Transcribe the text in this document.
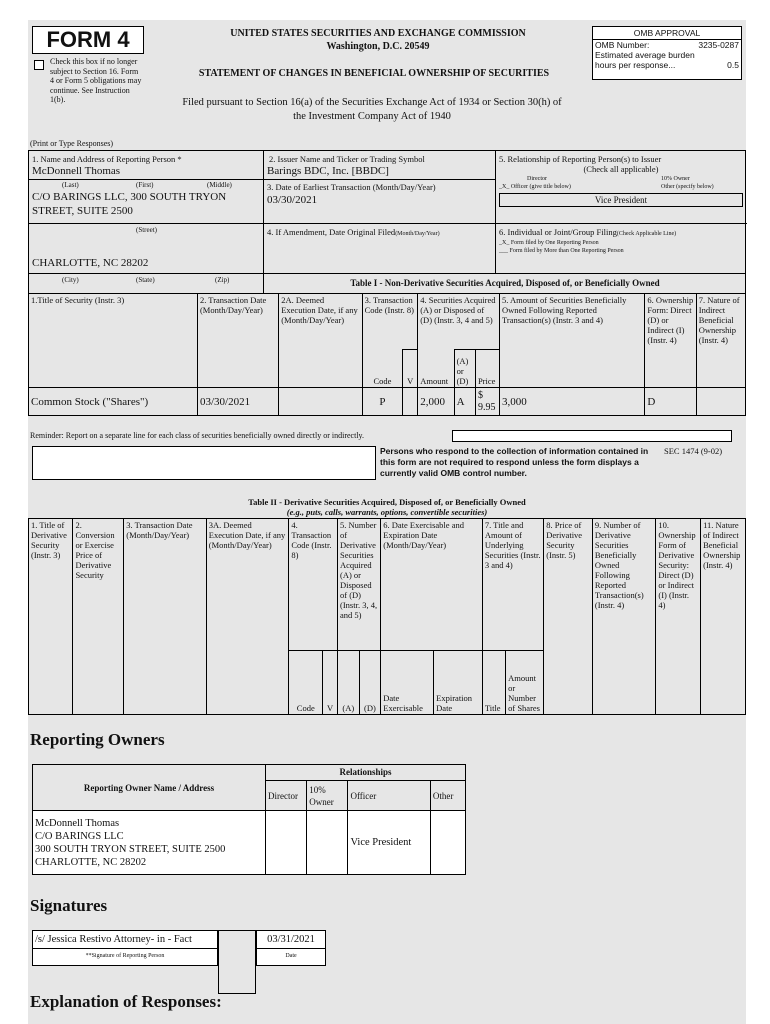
FORM 4
Check this box if no longer subject to Section 16. Form 4 or Form 5 obligations may continue. See Instruction 1(b).
UNITED STATES SECURITIES AND EXCHANGE COMMISSION
Washington, D.C. 20549
STATEMENT OF CHANGES IN BENEFICIAL OWNERSHIP OF SECURITIES
Filed pursuant to Section 16(a) of the Securities Exchange Act of 1934 or Section 30(h) of
the Investment Company Act of 1940
OMB APPROVAL
OMB Number:	3235-0287
Estimated average burden
hours per response...	0.5
(Print or Type Responses)
1. Name and Address of Reporting Person *
McDonnell Thomas
(Last)	(First)	(Middle)
C/O BARINGS LLC, 300 SOUTH TRYON
STREET, SUITE 2500
(Street)
CHARLOTTE, NC 28202
(City)	(State)	(Zip)
2. Issuer Name and Ticker or Trading Symbol
Barings BDC, Inc. [BBDC]
3. Date of Earliest Transaction (Month/Day/Year)
03/30/2021
4. If Amendment, Date Original Filed(Month/Day/Year)
5. Relationship of Reporting Person(s) to Issuer
(Check all applicable)
Director	10% Owner
_X_ Officer (give title below)	Other (specify below)
Vice President
6. Individual or Joint/Group Filing(Check Applicable Line)
_X_ Form filed by One Reporting Person
___ Form filed by More than One Reporting Person
Table I - Non-Derivative Securities Acquired, Disposed of, or Beneficially Owned
1.Title of Security (Instr. 3)	2. Transaction Date (Month/Day/Year)	2A. Deemed Execution Date, if any (Month/Day/Year)	3. Transaction Code (Instr. 8)		4. Securities Acquired (A) or Disposed of (D) (Instr. 3, 4 and 5)			5. Amount of Securities Beneficially Owned Following Reported Transaction(s) (Instr. 3 and 4)	6. Ownership Form: Direct (D) or Indirect (I) (Instr. 4)	7. Nature of Indirect Beneficial Ownership (Instr. 4)
			Code	V	Amount	(A) or (D)	Price			
Common Stock ("Shares")	03/30/2021		P		2,000	A	$ 9.95	3,000	D	
Reminder: Report on a separate line for each class of securities beneficially owned directly or indirectly.
Persons who respond to the collection of information contained in this form are not required to respond unless the form displays a currently valid OMB control number.
SEC 1474 (9-02)
Table II - Derivative Securities Acquired, Disposed of, or Beneficially Owned
(e.g., puts, calls, warrants, options, convertible securities)
1. Title of Derivative Security (Instr. 3)	2. Conversion or Exercise Price of Derivative Security	3. Transaction Date (Month/Day/Year)	3A. Deemed Execution Date, if any (Month/Day/Year)	4. Transaction Code (Instr. 8)		5. Number of Derivative Securities Acquired (A) or Disposed of (D) (Instr. 3, 4, and 5)		6. Date Exercisable and Expiration Date (Month/Day/Year)		7. Title and Amount of Underlying Securities (Instr. 3 and 4)		8. Price of Derivative Security (Instr. 5)	9. Number of Derivative Securities Beneficially Owned Following Reported Transaction(s) (Instr. 4)	10. Ownership Form of Derivative Security: Direct (D) or Indirect (I) (Instr. 4)	11. Nature of Indirect Beneficial Ownership (Instr. 4)
				Code	V	(A)	(D)	Date Exercisable	Expiration Date	Title	Amount or Number of Shares				
Reporting Owners
Reporting Owner Name / Address	Relationships			
	Director	10% Owner	Officer	Other

McDonnell Thomas
C/O BARINGS LLC
300 SOUTH TRYON STREET, SUITE 2500
CHARLOTTE, NC 28202			Vice President	
Signatures
/s/ Jessica Restivo Attorney- in - Fact
**Signature of Reporting Person
03/31/2021
Date
Explanation of Responses:
